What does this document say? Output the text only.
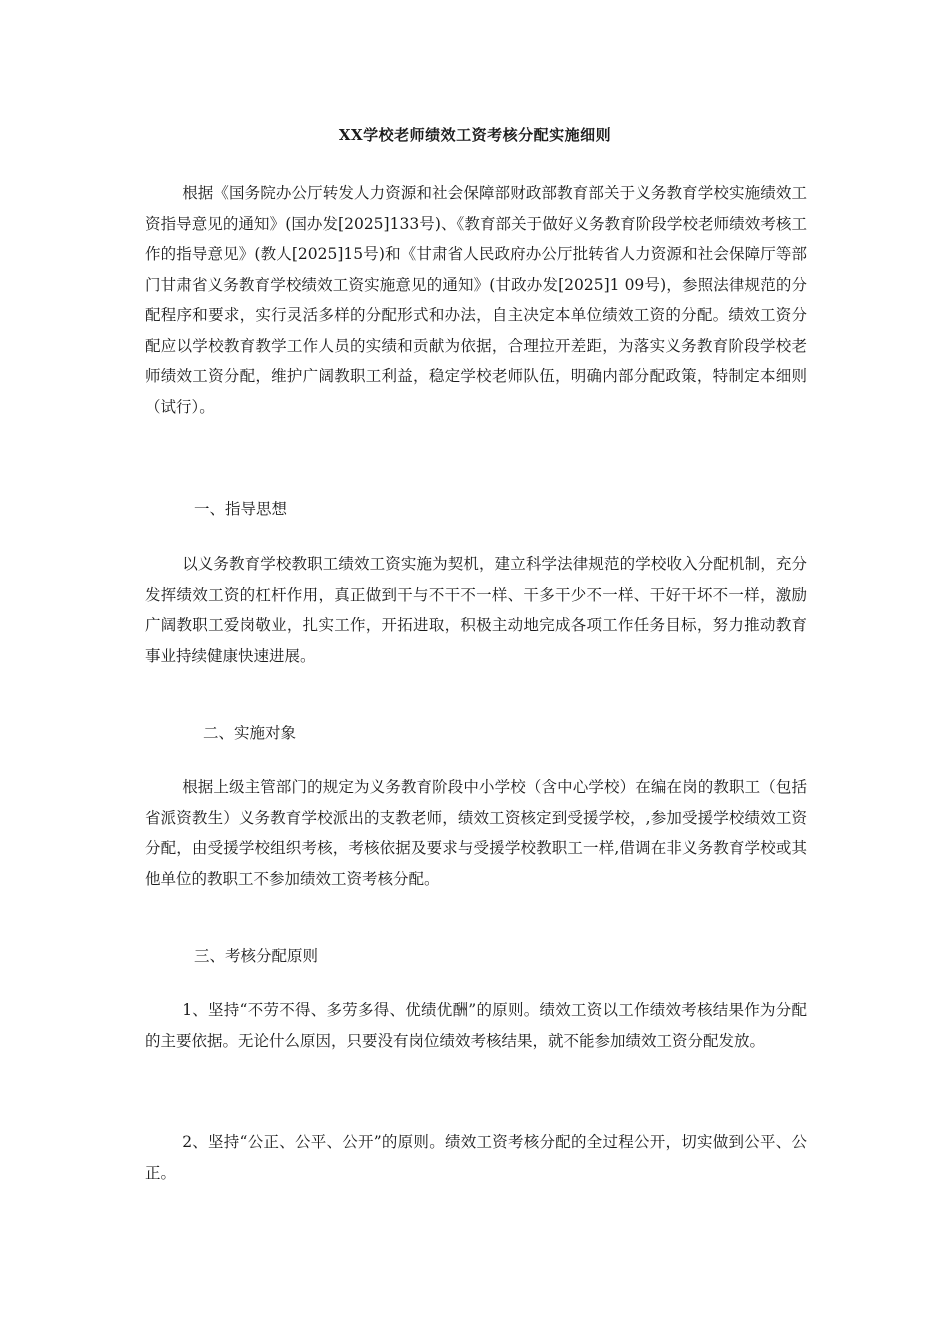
XX学校老师绩效工资考核分配实施细则

根据《国务院办公厅转发人力资源和社会保障部财政部教育部关于义务教育学校实施绩效工资指导意见的通知》(国办发[2025]133号)、《教育部关于做好义务教育阶段学校老师绩效考核工作的指导意见》(教人[2025]15号)和《甘肃省人民政府办公厅批转省人力资源和社会保障厅等部门甘肃省义务教育学校绩效工资实施意见的通知》(甘政办发[2025]1 09号)，参照法律规范的分配程序和要求，实行灵活多样的分配形式和办法，自主决定本单位绩效工资的分配。绩效工资分配应以学校教育教学工作人员的实绩和贡献为依据，合理拉开差距，为落实义务教育阶段学校老师绩效工资分配，维护广阔教职工利益，稳定学校老师队伍，明确内部分配政策，特制定本细则（试行）。

一、指导思想

以义务教育学校教职工绩效工资实施为契机，建立科学法律规范的学校收入分配机制，充分发挥绩效工资的杠杆作用，真正做到干与不干不一样、干多干少不一样、干好干坏不一样，激励广阔教职工爱岗敬业，扎实工作，开拓进取，积极主动地完成各项工作任务目标，努力推动教育事业持续健康快速进展。

二、实施对象

根据上级主管部门的规定为义务教育阶段中小学校（含中心学校）在编在岗的教职工（包括省派资教生）义务教育学校派出的支教老师，绩效工资核定到受援学校，,参加受援学校绩效工资分配，由受援学校组织考核，考核依据及要求与受援学校教职工一样,借调在非义务教育学校或其他单位的教职工不参加绩效工资考核分配。

三、考核分配原则

1、坚持“不劳不得、多劳多得、优绩优酬”的原则。绩效工资以工作绩效考核结果作为分配的主要依据。无论什么原因，只要没有岗位绩效考核结果，就不能参加绩效工资分配发放。

2、坚持“公正、公平、公开”的原则。绩效工资考核分配的全过程公开，切实做到公平、公正。
